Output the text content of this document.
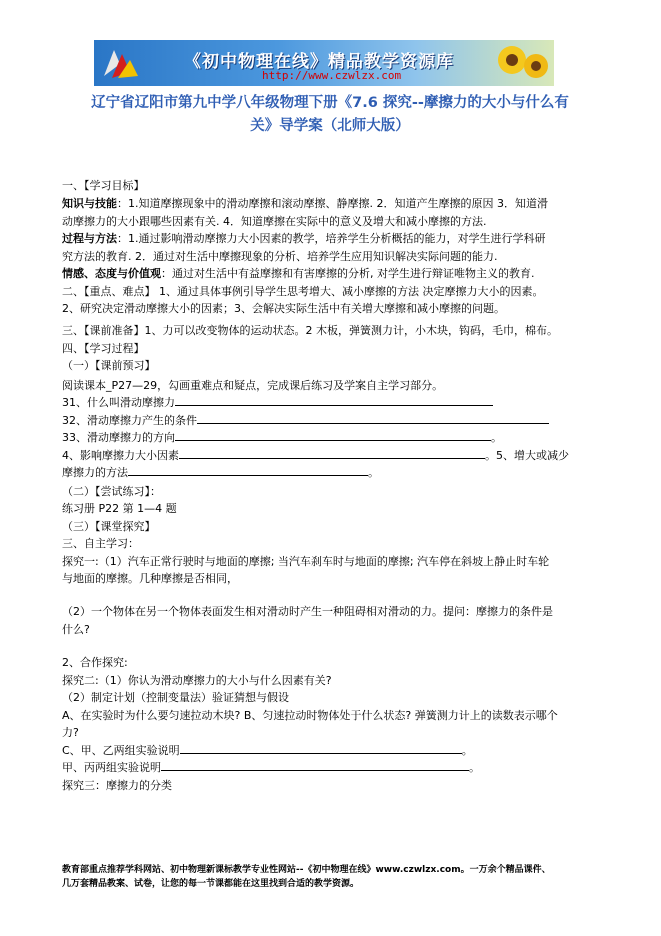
《初中物理在线》精品教学资源库
http://www.czwlzx.com
辽宁省辽阳市第九中学八年级物理下册《7.6 探究--摩擦力的大小与什么有
关》导学案（北师大版）
一、【学习目标】
知识与技能：1.知道摩擦现象中的滑动摩擦和滚动摩擦、静摩擦. 2．知道产生摩擦的原因 3．知道滑
动摩擦力的大小跟哪些因素有关. 4．知道摩擦在实际中的意义及增大和减小摩擦的方法.
过程与方法：1.通过影响滑动摩擦力大小因素的教学，培养学生分析概括的能力，对学生进行学科研
究方法的教育. 2．通过对生活中摩擦现象的分析、培养学生应用知识解决实际问题的能力.
情感、态度与价值观：通过对生活中有益摩擦和有害摩擦的分析, 对学生进行辩证唯物主义的教育.
二、【重点、难点】 1、通过具体事例引导学生思考增大、减小摩擦的方法 决定摩擦力大小的因素。
2、研究决定滑动摩擦大小的因素；3、会解决实际生活中有关增大摩擦和减小摩擦的问题。
三、【课前准备】1、力可以改变物体的运动状态。2 木板，弹簧测力计，小木块，钩码，毛巾，棉布。
四、【学习过程】
（一）【课前预习】
阅读课本_P27—29，勾画重难点和疑点，完成课后练习及学案自主学习部分。
31、什么叫滑动摩擦力
32、滑动摩擦力产生的条件
33、滑动摩擦力的方向	。
4、影响摩擦力大小因素	。5、增大或减少
摩擦力的方法	。
（二）【尝试练习】：
练习册 P22 第 1—4 题
（三）【课堂探究】
三、自主学习：
探究一:（1）汽车正常行驶时与地面的摩擦; 当汽车刹车时与地面的摩擦; 汽车停在斜坡上静止时车轮
与地面的摩擦。几种摩擦是否相同，
（2）一个物体在另一个物体表面发生相对滑动时产生一种阻碍相对滑动的力。提问：摩擦力的条件是
什么?
2、合作探究:
探究二:（1）你认为滑动摩擦力的大小与什么因素有关?
（2）制定计划（控制变量法）验证猜想与假设
A、在实验时为什么要匀速拉动木块? B、匀速拉动时物体处于什么状态? 弹簧测力计上的读数表示哪个
力?
C、甲、乙两组实验说明	。
甲、丙两组实验说明	。
探究三：摩擦力的分类
教育部重点推荐学科网站、初中物理新课标教学专业性网站--《初中物理在线》www.czwlzx.com。一万余个精品课件、
几万套精品教案、试卷，让您的每一节课都能在这里找到合适的教学资源。
